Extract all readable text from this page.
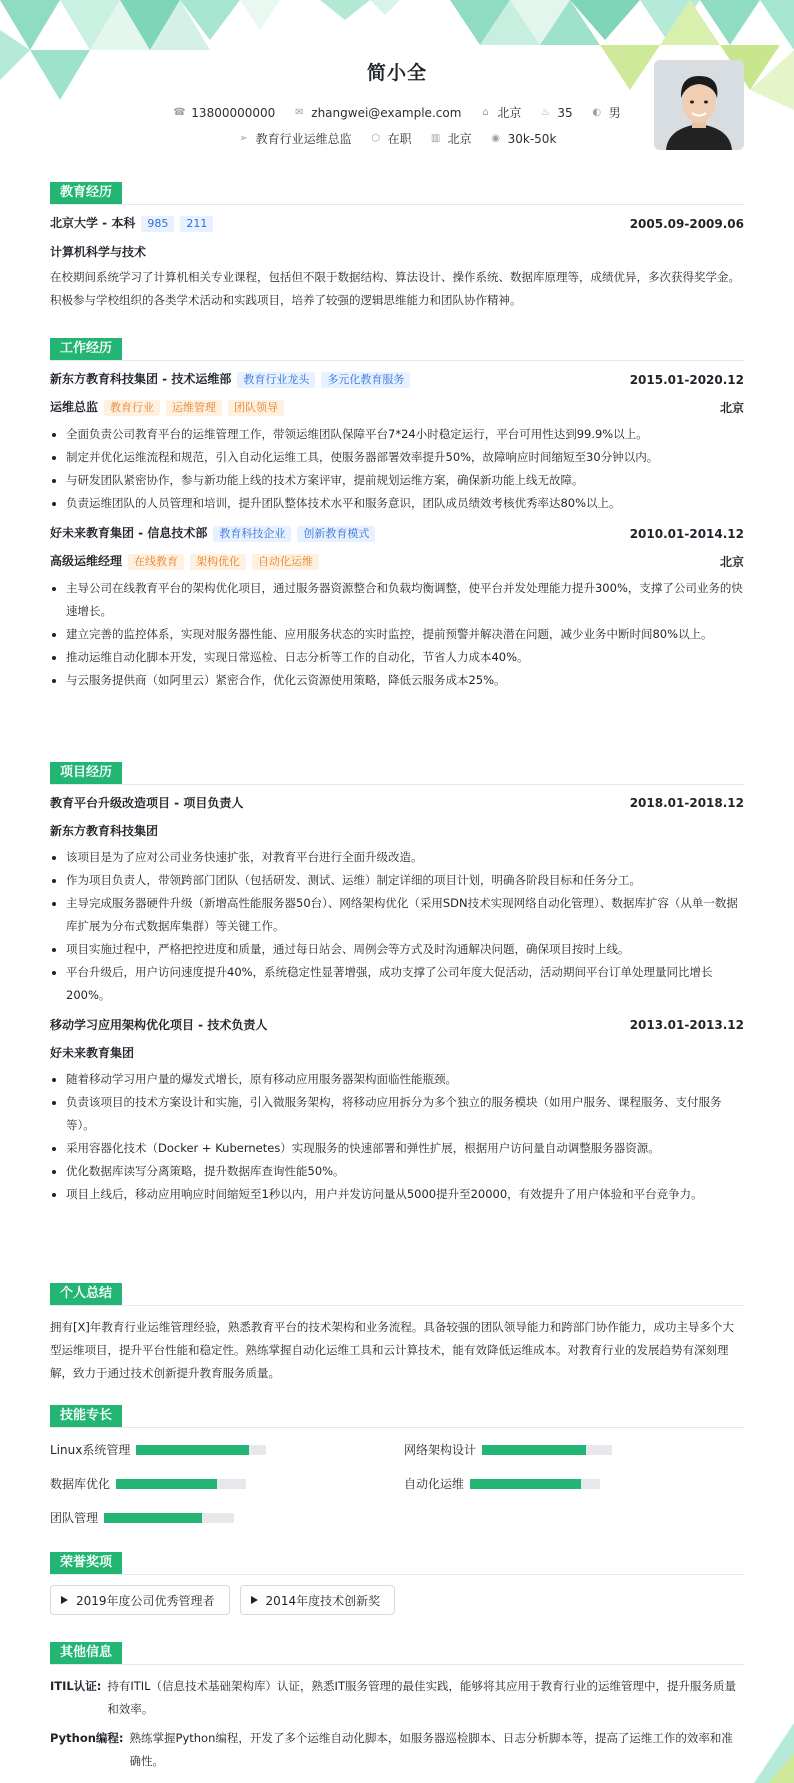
简小全
☎ 13800000000 ✉ zhangwei@example.com ⌂ 北京 ♨ 35 ◐ 男
➢ 教育行业运维总监 ⬡ 在职 ▥ 北京 ◉ 30k-50k
教育经历
北京大学 - 本科 985 211	2005.09-2009.06
计算机科学与技术

在校期间系统学习了计算机相关专业课程，包括但不限于数据结构、算法设计、操作系统、数据库原理等，成绩优异，多次获得奖学金。积极参与学校组织的各类学术活动和实践项目，培养了较强的逻辑思维能力和团队协作精神。

工作经历
新东方教育科技集团 - 技术运维部 教育行业龙头 多元化教育服务	2015.01-2020.12
运维总监 教育行业 运维管理 团队领导	北京
全面负责公司教育平台的运维管理工作，带领运维团队保障平台7*24小时稳定运行，平台可用性达到99.9%以上。
制定并优化运维流程和规范，引入自动化运维工具，使服务器部署效率提升50%，故障响应时间缩短至30分钟以内。
与研发团队紧密协作，参与新功能上线的技术方案评审，提前规划运维方案，确保新功能上线无故障。
负责运维团队的人员管理和培训，提升团队整体技术水平和服务意识，团队成员绩效考核优秀率达80%以上。
好未来教育集团 - 信息技术部 教育科技企业 创新教育模式	2010.01-2014.12
高级运维经理 在线教育 架构优化 自动化运维	北京
主导公司在线教育平台的架构优化项目，通过服务器资源整合和负载均衡调整，使平台并发处理能力提升300%，支撑了公司业务的快速增长。
建立完善的监控体系，实现对服务器性能、应用服务状态的实时监控，提前预警并解决潜在问题，减少业务中断时间80%以上。
推动运维自动化脚本开发，实现日常巡检、日志分析等工作的自动化，节省人力成本40%。
与云服务提供商（如阿里云）紧密合作，优化云资源使用策略，降低云服务成本25%。
项目经历
教育平台升级改造项目 - 项目负责人	2018.01-2018.12
新东方教育科技集团
该项目是为了应对公司业务快速扩张，对教育平台进行全面升级改造。
作为项目负责人，带领跨部门团队（包括研发、测试、运维）制定详细的项目计划，明确各阶段目标和任务分工。
主导完成服务器硬件升级（新增高性能服务器50台）、网络架构优化（采用SDN技术实现网络自动化管理）、数据库扩容（从单一数据库扩展为分布式数据库集群）等关键工作。
项目实施过程中，严格把控进度和质量，通过每日站会、周例会等方式及时沟通解决问题，确保项目按时上线。
平台升级后，用户访问速度提升40%，系统稳定性显著增强，成功支撑了公司年度大促活动，活动期间平台订单处理量同比增长200%。
移动学习应用架构优化项目 - 技术负责人	2013.01-2013.12
好未来教育集团
随着移动学习用户量的爆发式增长，原有移动应用服务器架构面临性能瓶颈。
负责该项目的技术方案设计和实施，引入微服务架构，将移动应用拆分为多个独立的服务模块（如用户服务、课程服务、支付服务等）。
采用容器化技术（Docker + Kubernetes）实现服务的快速部署和弹性扩展，根据用户访问量自动调整服务器资源。
优化数据库读写分离策略，提升数据库查询性能50%。
项目上线后，移动应用响应时间缩短至1秒以内，用户并发访问量从5000提升至20000，有效提升了用户体验和平台竞争力。
个人总结

拥有[X]年教育行业运维管理经验，熟悉教育平台的技术架构和业务流程。具备较强的团队领导能力和跨部门协作能力，成功主导多个大型运维项目，提升平台性能和稳定性。熟练掌握自动化运维工具和云计算技术，能有效降低运维成本。对教育行业的发展趋势有深刻理解，致力于通过技术创新提升教育服务质量。

技能专长
Linux系统管理	网络架构设计
数据库优化	自动化运维
团队管理
荣誉奖项
2019年度公司优秀管理者	2014年度技术创新奖
其他信息
ITIL认证: 持有ITIL（信息技术基础架构库）认证，熟悉IT服务管理的最佳实践，能够将其应用于教育行业的运维管理中，提升服务质量和效率。
Python编程: 熟练掌握Python编程，开发了多个运维自动化脚本，如服务器巡检脚本、日志分析脚本等，提高了运维工作的效率和准确性。
